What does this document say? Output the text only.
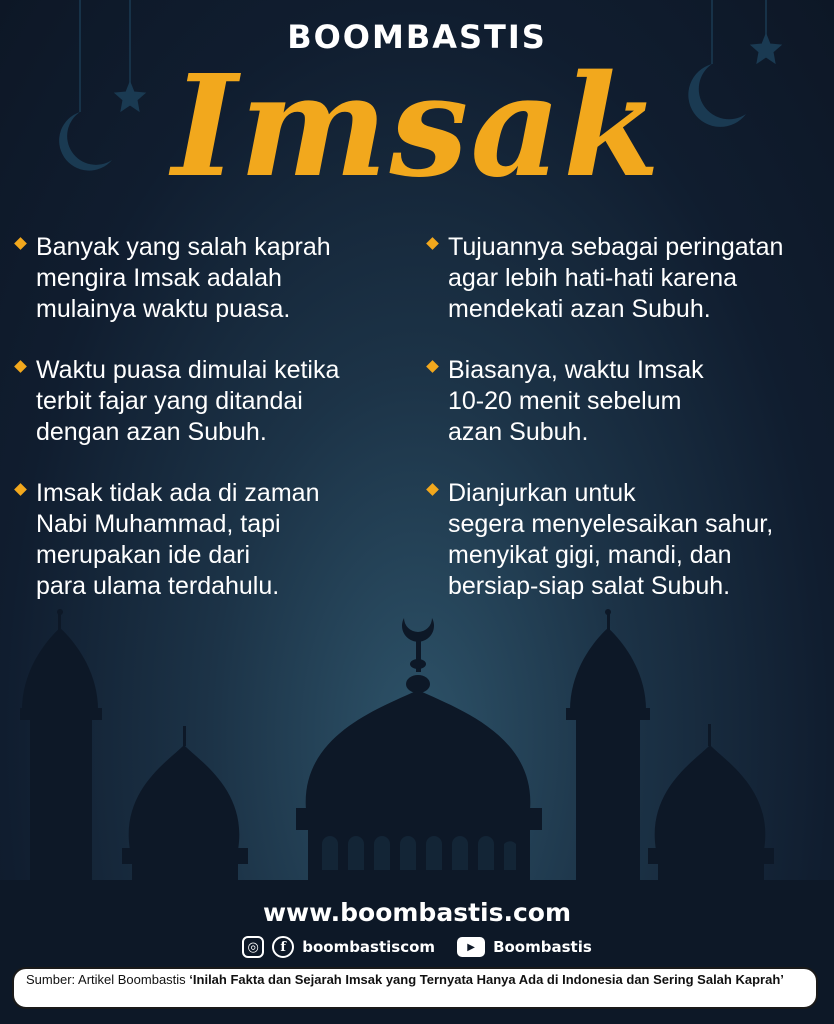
BOOMBASTIS
Imsak
Banyak yang salah kaprah
mengira Imsak adalah
mulainya waktu puasa.
Waktu puasa dimulai ketika
terbit fajar yang ditandai
dengan azan Subuh.
Imsak tidak ada di zaman
Nabi Muhammad, tapi
merupakan ide dari
para ulama terdahulu.
Tujuannya sebagai peringatan
agar lebih hati-hati karena
mendekati azan Subuh.
Biasanya, waktu Imsak
10-20 menit sebelum
azan Subuh.
Dianjurkan untuk
segera menyelesaikan sahur,
menyikat gigi, mandi, dan
bersiap-siap salat Subuh.
www.boombastis.com
◎	f	boombastiscom	▶	Boombastis
Sumber: Artikel Boombastis ‘Inilah Fakta dan Sejarah Imsak yang Ternyata Hanya Ada di Indonesia dan Sering Salah Kaprah’
